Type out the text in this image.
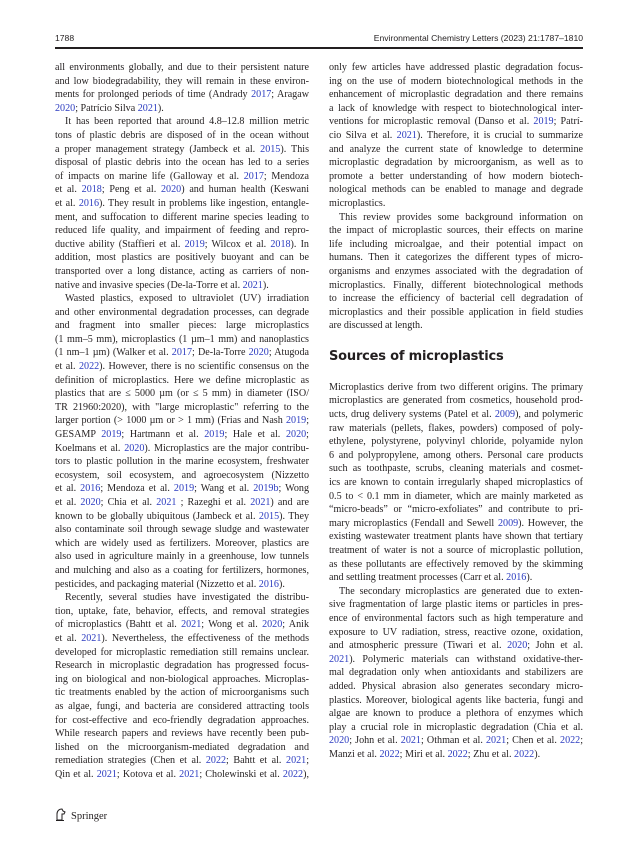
1788	Environmental Chemistry Letters (2023) 21:1787–1810
all environments globally, and due to their persistent nature
and low biodegradability, they will remain in these environ-
ments for prolonged periods of time (Andrady 2017; Aragaw
2020; Patrício Silva 2021).
It has been reported that around 4.8–12.8 million metric
tons of plastic debris are disposed of in the ocean without
a proper management strategy (Jambeck et al. 2015). This
disposal of plastic debris into the ocean has led to a series
of impacts on marine life (Galloway et al. 2017; Mendoza
et al. 2018; Peng et al. 2020) and human health (Keswani
et al. 2016). They result in problems like ingestion, entangle-
ment, and suffocation to different marine species leading to
reduced life quality, and impairment of feeding and repro-
ductive ability (Staffieri et al. 2019; Wilcox et al. 2018). In
addition, most plastics are positively buoyant and can be
transported over a long distance, acting as carriers of non-
native and invasive species (De-la-Torre et al. 2021).
Wasted plastics, exposed to ultraviolet (UV) irradiation
and other environmental degradation processes, can degrade
and fragment into smaller pieces: large microplastics
(1 mm–5 mm), microplastics (1 µm–1 mm) and nanoplastics
(1 nm–1 µm) (Walker et al. 2017; De-la-Torre 2020; Atugoda
et al. 2022). However, there is no scientific consensus on the
definition of microplastics. Here we define microplastic as
plastics that are ≤ 5000 µm (or ≤ 5 mm) in diameter (ISO/
TR 21960:2020), with "large microplastic" referring to the
larger portion (> 1000 µm or > 1 mm) (Frias and Nash 2019;
GESAMP 2019; Hartmann et al. 2019; Hale et al. 2020;
Koelmans et al. 2020). Microplastics are the major contribu-
tors to plastic pollution in the marine ecosystem, freshwater
ecosystem, soil ecosystem, and agroecosystem (Nizzetto
et al. 2016; Mendoza et al. 2019; Wang et al. 2019b; Wong
et al. 2020; Chia et al. 2021 ; Razeghi et al. 2021) and are
known to be globally ubiquitous (Jambeck et al. 2015). They
also contaminate soil through sewage sludge and wastewater
which are widely used as fertilizers. Moreover, plastics are
also used in agriculture mainly in a greenhouse, low tunnels
and mulching and also as a coating for fertilizers, hormones,
pesticides, and packaging material (Nizzetto et al. 2016).
Recently, several studies have investigated the distribu-
tion, uptake, fate, behavior, effects, and removal strategies
of microplastics (Bahtt et al. 2021; Wong et al. 2020; Anik
et al. 2021). Nevertheless, the effectiveness of the methods
developed for microplastic remediation still remains unclear.
Research in microplastic degradation has progressed focus-
ing on biological and non-biological approaches. Microplas-
tic treatments enabled by the action of microorganisms such
as algae, fungi, and bacteria are considered attracting tools
for cost-effective and eco-friendly degradation approaches.
While research papers and reviews have recently been pub-
lished on the microorganism-mediated degradation and
remediation strategies (Chen et al. 2022; Bahtt et al. 2021;
Qin et al. 2021; Kotova et al. 2021; Cholewinski et al. 2022),
only few articles have addressed plastic degradation focus-
ing on the use of modern biotechnological methods in the
enhancement of microplastic degradation and there remains
a lack of knowledge with respect to biotechnological inter-
ventions for microplastic removal (Danso et al. 2019; Patrí-
cio Silva et al. 2021). Therefore, it is crucial to summarize
and analyze the current state of knowledge to determine
microplastic degradation by microorganism, as well as to
promote a better understanding of how modern biotech-
nological methods can be enabled to manage and degrade
microplastics.
This review provides some background information on
the impact of microplastic sources, their effects on marine
life including microalgae, and their potential impact on
humans. Then it categorizes the different types of micro-
organisms and enzymes associated with the degradation of
microplastics. Finally, different biotechnological methods
to increase the efficiency of bacterial cell degradation of
microplastics and their possible application in field studies
are discussed at length.
Sources of microplastics
Microplastics derive from two different origins. The primary
microplastics are generated from cosmetics, household prod-
ucts, drug delivery systems (Patel et al. 2009), and polymeric
raw materials (pellets, flakes, powders) composed of poly-
ethylene, polystyrene, polyvinyl chloride, polyamide nylon
6 and polypropylene, among others. Personal care products
such as toothpaste, scrubs, cleaning materials and cosmet-
ics are known to contain irregularly shaped microplastics of
0.5 to < 0.1 mm in diameter, which are mainly marketed as
“micro-beads” or “micro-exfoliates” and contribute to pri-
mary microplastics (Fendall and Sewell 2009). However, the
existing wastewater treatment plants have shown that tertiary
treatment of water is not a source of microplastic pollution,
as these pollutants are effectively removed by the skimming
and settling treatment processes (Carr et al. 2016).
The secondary microplastics are generated due to exten-
sive fragmentation of large plastic items or particles in pres-
ence of environmental factors such as high temperature and
exposure to UV radiation, stress, reactive ozone, oxidation,
and atmospheric pressure (Tiwari et al. 2020; John et al.
2021). Polymeric materials can withstand oxidative-ther-
mal degradation only when antioxidants and stabilizers are
added. Physical abrasion also generates secondary micro-
plastics. Moreover, biological agents like bacteria, fungi and
algae are known to produce a plethora of enzymes which
play a crucial role in microplastic degradation (Chia et al.
2020; John et al. 2021; Othman et al. 2021; Chen et al. 2022;
Manzi et al. 2022; Miri et al. 2022; Zhu et al. 2022).
Springer
